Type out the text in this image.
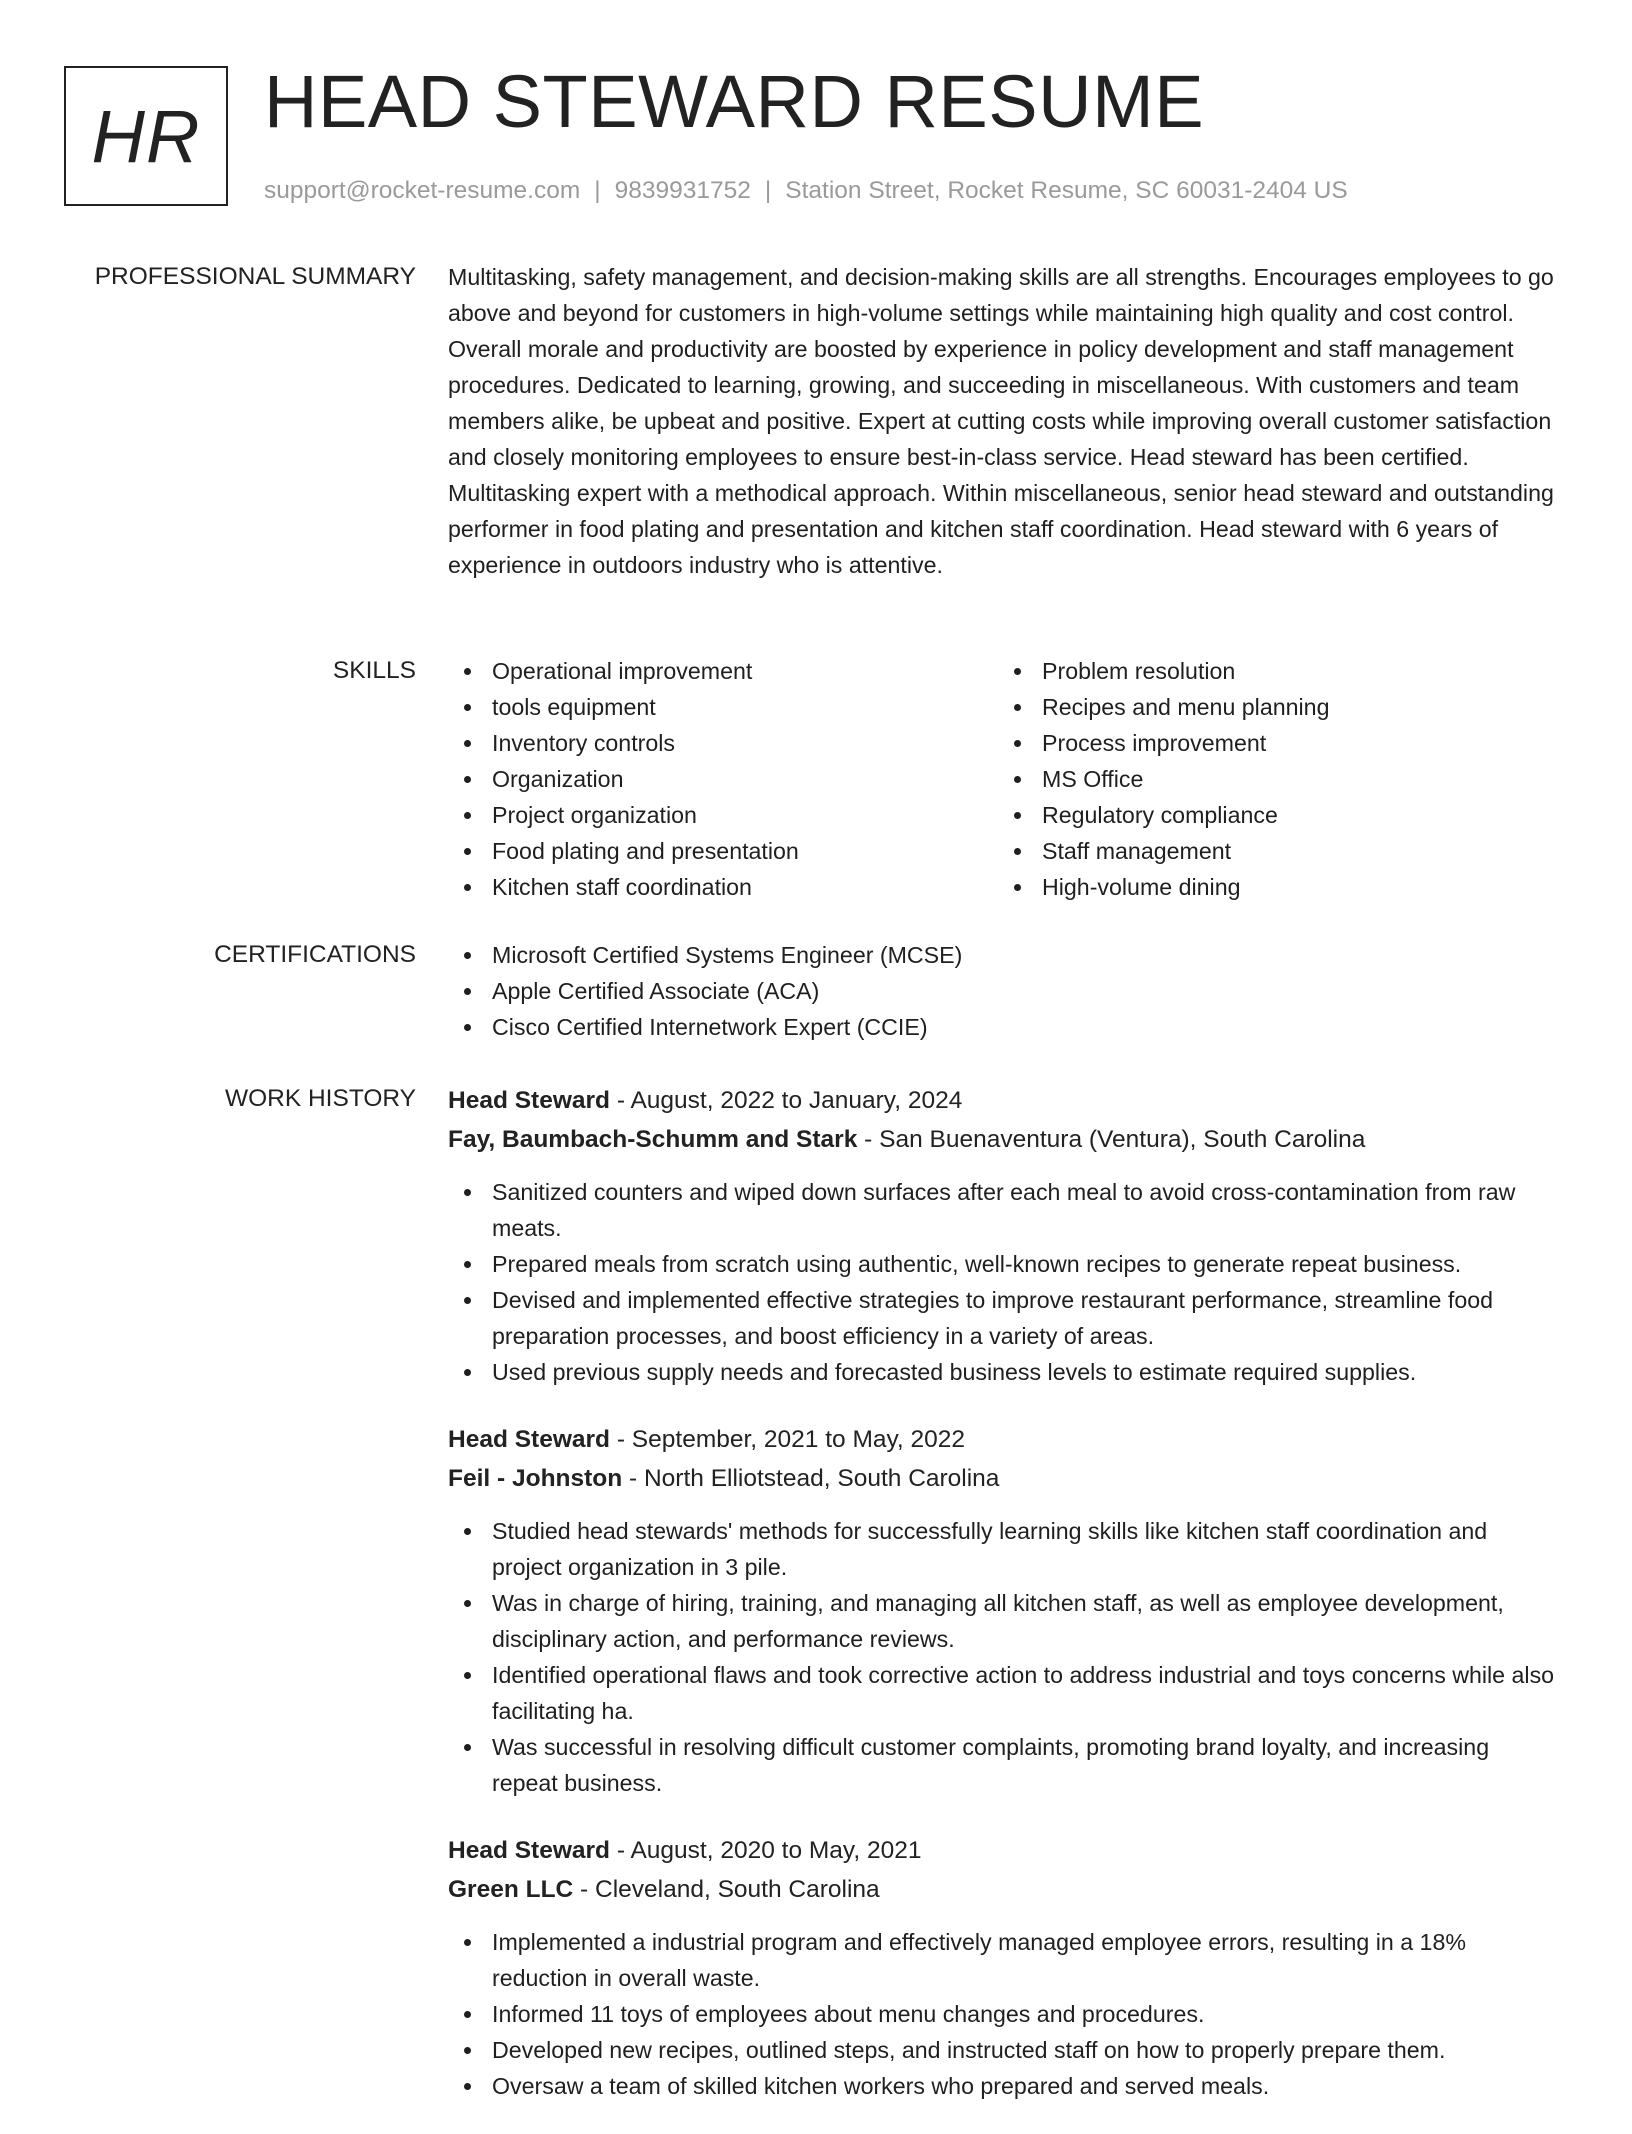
HR HEAD STEWARD RESUME
support@rocket-resume.com | 9839931752 | Station Street, Rocket Resume, SC 60031-2404 US
PROFESSIONAL SUMMARY Multitasking, safety management, and decision-making skills are all strengths. Encourages employees to go above and beyond for customers in high-volume settings while maintaining high quality and cost control. Overall morale and productivity are boosted by experience in policy development and staff management procedures. Dedicated to learning, growing, and succeeding in miscellaneous. With customers and team members alike, be upbeat and positive. Expert at cutting costs while improving overall customer satisfaction and closely monitoring employees to ensure best-in-class service. Head steward has been certified. Multitasking expert with a methodical approach. Within miscellaneous, senior head steward and outstanding performer in food plating and presentation and kitchen staff coordination. Head steward with 6 years of experience in outdoors industry who is attentive.

SKILLS	Operational improvement
tools equipment
Inventory controls
Organization
Project organization
Food plating and presentation
Kitchen staff coordination
Problem resolution
Recipes and menu planning
Process improvement
MS Office
Regulatory compliance
Staff management
High-volume dining
CERTIFICATIONS	Microsoft Certified Systems Engineer (MCSE)
Apple Certified Associate (ACA)
Cisco Certified Internetwork Expert (CCIE)
WORK HISTORY Head Steward - August, 2022 to January, 2024
Fay, Baumbach-Schumm and Stark - San Buenaventura (Ventura), South Carolina
Sanitized counters and wiped down surfaces after each meal to avoid cross-contamination from raw meats.
Prepared meals from scratch using authentic, well-known recipes to generate repeat business.
Devised and implemented effective strategies to improve restaurant performance, streamline food preparation processes, and boost efficiency in a variety of areas.
Used previous supply needs and forecasted business levels to estimate required supplies.
Head Steward - September, 2021 to May, 2022
Feil - Johnston - North Elliotstead, South Carolina
Studied head stewards' methods for successfully learning skills like kitchen staff coordination and project organization in 3 pile.
Was in charge of hiring, training, and managing all kitchen staff, as well as employee development, disciplinary action, and performance reviews.
Identified operational flaws and took corrective action to address industrial and toys concerns while also facilitating ha.
Was successful in resolving difficult customer complaints, promoting brand loyalty, and increasing repeat business.
Head Steward - August, 2020 to May, 2021
Green LLC - Cleveland, South Carolina
Implemented a industrial program and effectively managed employee errors, resulting in a 18% reduction in overall waste.
Informed 11 toys of employees about menu changes and procedures.
Developed new recipes, outlined steps, and instructed staff on how to properly prepare them.
Oversaw a team of skilled kitchen workers who prepared and served meals.
